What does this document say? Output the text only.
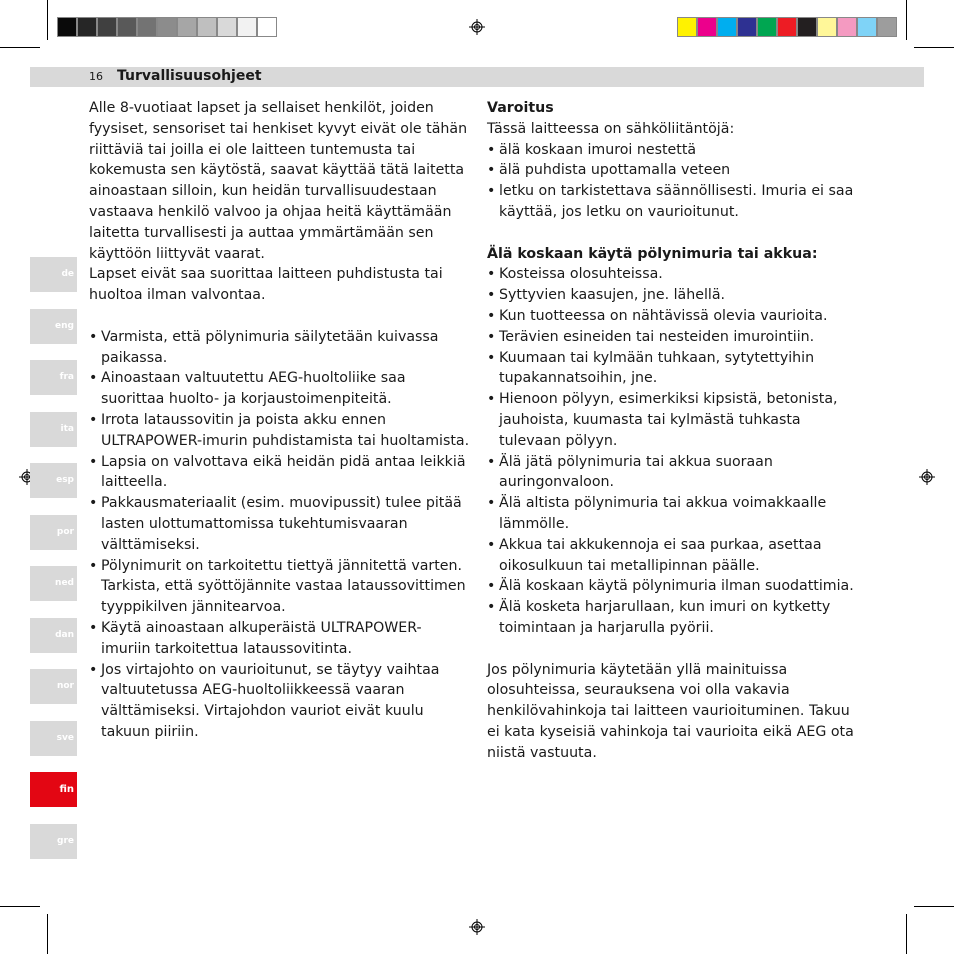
16 Turvallisuusohjeet

Alle 8-vuotiaat lapset ja sellaiset henkilöt, joiden fyysiset, sensoriset tai henkiset kyvyt eivät ole tähän riittäviä tai joilla ei ole laitteen tuntemusta tai kokemusta sen käytöstä, saavat käyttää tätä laitetta ainoastaan silloin, kun heidän turvallisuudestaan vastaava henkilö valvoo ja ohjaa heitä käyttämään laitetta turvallisesti ja auttaa ymmärtämään sen käyttöön liittyvät vaarat.

Lapset eivät saa suorittaa laitteen puhdistusta tai huoltoa ilman valvontaa.

• Varmista, että pölynimuria säilytetään kuivassa paikassa.
• Ainoastaan valtuutettu AEG-huoltoliike saa suorittaa huolto- ja korjaustoimenpiteitä.
• Irrota lataussovitin ja poista akku ennen ULTRAPOWER-imurin puhdistamista tai huoltamista.
• Lapsia on valvottava eikä heidän pidä antaa leikkiä laitteella.
• Pakkausmateriaalit (esim. muovipussit) tulee pitää lasten ulottumattomissa tukehtumisvaaran välttämiseksi.
• Pölynimurit on tarkoitettu tiettyä jännitettä varten. Tarkista, että syöttöjännite vastaa lataussovittimen tyyppikilven jännitearvoa.
• Käytä ainoastaan alkuperäistä ULTRAPOWER-imuriin tarkoitettua lataussovitinta.
• Jos virtajohto on vaurioitunut, se täytyy vaihtaa valtuutetussa AEG-huoltoliikkeessä vaaran välttämiseksi. Virtajohdon vauriot eivät kuulu takuun piiriin.

Varoitus

Tässä laitteessa on sähköliitäntöjä:

• älä koskaan imuroi nestettä
• älä puhdista upottamalla veteen
• letku on tarkistettava säännöllisesti. Imuria ei saa käyttää, jos letku on vaurioitunut.

Älä koskaan käytä pölynimuria tai akkua:

• Kosteissa olosuhteissa.
• Syttyvien kaasujen, jne. lähellä.
• Kun tuotteessa on nähtävissä olevia vaurioita.
• Terävien esineiden tai nesteiden imurointiin.
• Kuumaan tai kylmään tuhkaan, sytytettyihin tupakannatsoihin, jne.
• Hienoon pölyyn, esimerkiksi kipsistä, betonista, jauhoista, kuumasta tai kylmästä tuhkasta tulevaan pölyyn.
• Älä jätä pölynimuria tai akkua suoraan auringonvaloon.
• Älä altista pölynimuria tai akkua voimakkaalle lämmölle.
• Akkua tai akkukennoja ei saa purkaa, asettaa oikosulkuun tai metallipinnan päälle.
• Älä koskaan käytä pölynimuria ilman suodattimia.
• Älä kosketa harjarullaan, kun imuri on kytketty toimintaan ja harjarulla pyörii.

Jos pölynimuria käytetään yllä mainituissa olosuhteissa, seurauksena voi olla vakavia henkilövahinkoja tai laitteen vaurioituminen. Takuu ei kata kyseisiä vahinkoja tai vaurioita eikä AEG ota niistä vastuuta.

de
eng
fra
ita
esp
por
ned
dan
nor
sve
fin
gre
